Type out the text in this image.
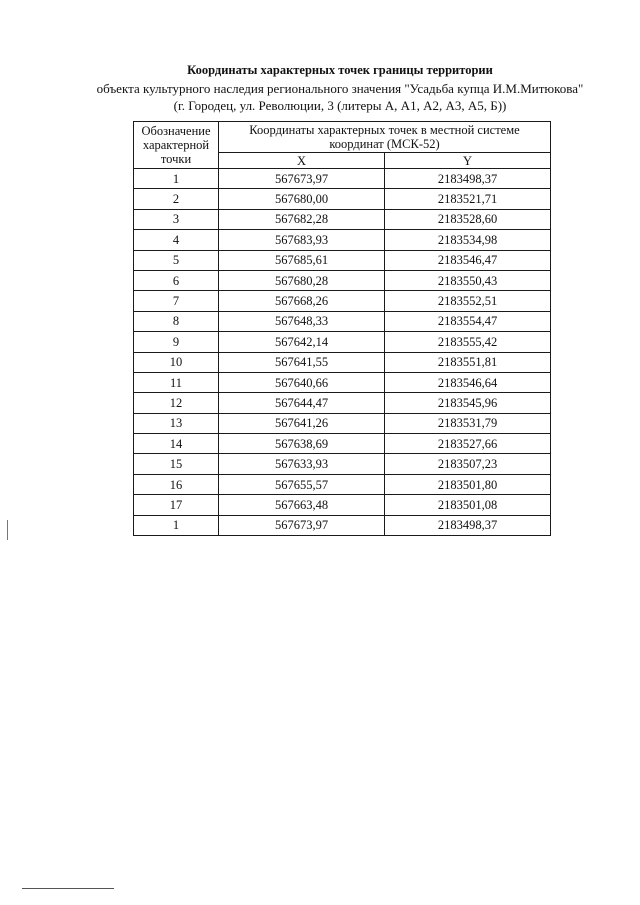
Координаты характерных точек границы территории
объекта культурного наследия регионального значения "Усадьба купца И.М.Митюкова"
(г. Городец, ул. Революции, 3 (литеры А, А1, А2, А3, А5, Б))
Обозначение характерной точки	Координаты характерных точек в местной системе координат (МСК-52)	
	X	Y
1	567673,97	2183498,37
2	567680,00	2183521,71
3	567682,28	2183528,60
4	567683,93	2183534,98
5	567685,61	2183546,47
6	567680,28	2183550,43
7	567668,26	2183552,51
8	567648,33	2183554,47
9	567642,14	2183555,42
10	567641,55	2183551,81
11	567640,66	2183546,64
12	567644,47	2183545,96
13	567641,26	2183531,79
14	567638,69	2183527,66
15	567633,93	2183507,23
16	567655,57	2183501,80
17	567663,48	2183501,08
1	567673,97	2183498,37
